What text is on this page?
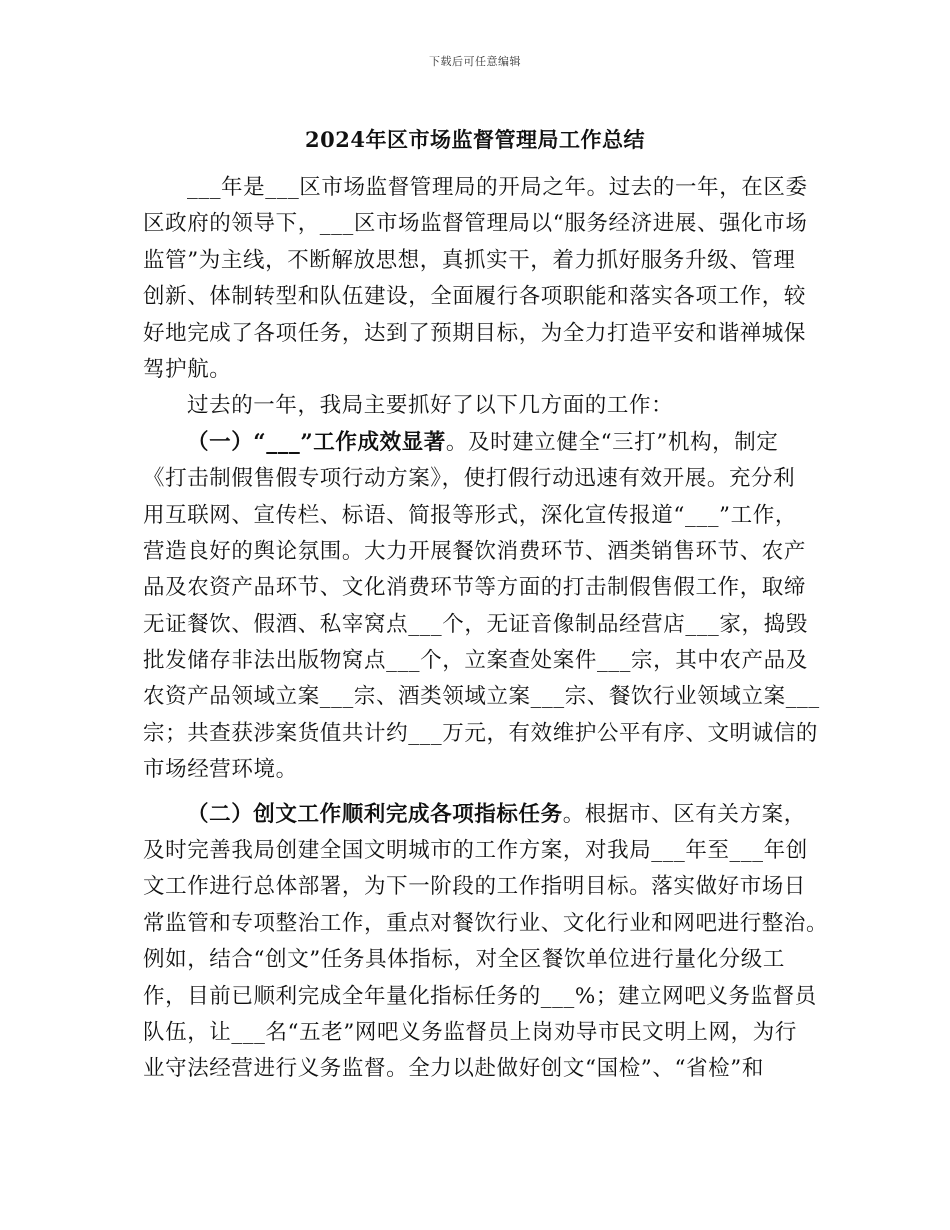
下载后可任意编辑
2024年区市场监督管理局工作总结
___年是___区市场监督管理局的开局之年。过去的一年，在区委
区政府的领导下，___区市场监督管理局以“服务经济进展、强化市场
监管”为主线，不断解放思想，真抓实干，着力抓好服务升级、管理
创新、体制转型和队伍建设，全面履行各项职能和落实各项工作，较
好地完成了各项任务，达到了预期目标，为全力打造平安和谐禅城保
驾护航。
过去的一年，我局主要抓好了以下几方面的工作：
（一）“___”工作成效显著。及时建立健全“三打”机构，制定
《打击制假售假专项行动方案》，使打假行动迅速有效开展。充分利
用互联网、宣传栏、标语、简报等形式，深化宣传报道“___”工作，
营造良好的舆论氛围。大力开展餐饮消费环节、酒类销售环节、农产
品及农资产品环节、文化消费环节等方面的打击制假售假工作，取缔
无证餐饮、假酒、私宰窝点___个，无证音像制品经营店___家，捣毁
批发储存非法出版物窝点___个，立案查处案件___宗，其中农产品及
农资产品领域立案___宗、酒类领域立案___宗、餐饮行业领域立案___
宗；共查获涉案货值共计约___万元，有效维护公平有序、文明诚信的
市场经营环境。
（二）创文工作顺利完成各项指标任务。根据市、区有关方案，
及时完善我局创建全国文明城市的工作方案，对我局___年至___年创
文工作进行总体部署，为下一阶段的工作指明目标。落实做好市场日
常监管和专项整治工作，重点对餐饮行业、文化行业和网吧进行整治。
例如，结合“创文”任务具体指标，对全区餐饮单位进行量化分级工
作，目前已顺利完成全年量化指标任务的___%；建立网吧义务监督员
队伍，让___名“五老”网吧义务监督员上岗劝导市民文明上网，为行
业守法经营进行义务监督。全力以赴做好创文“国检”、“省检”和
